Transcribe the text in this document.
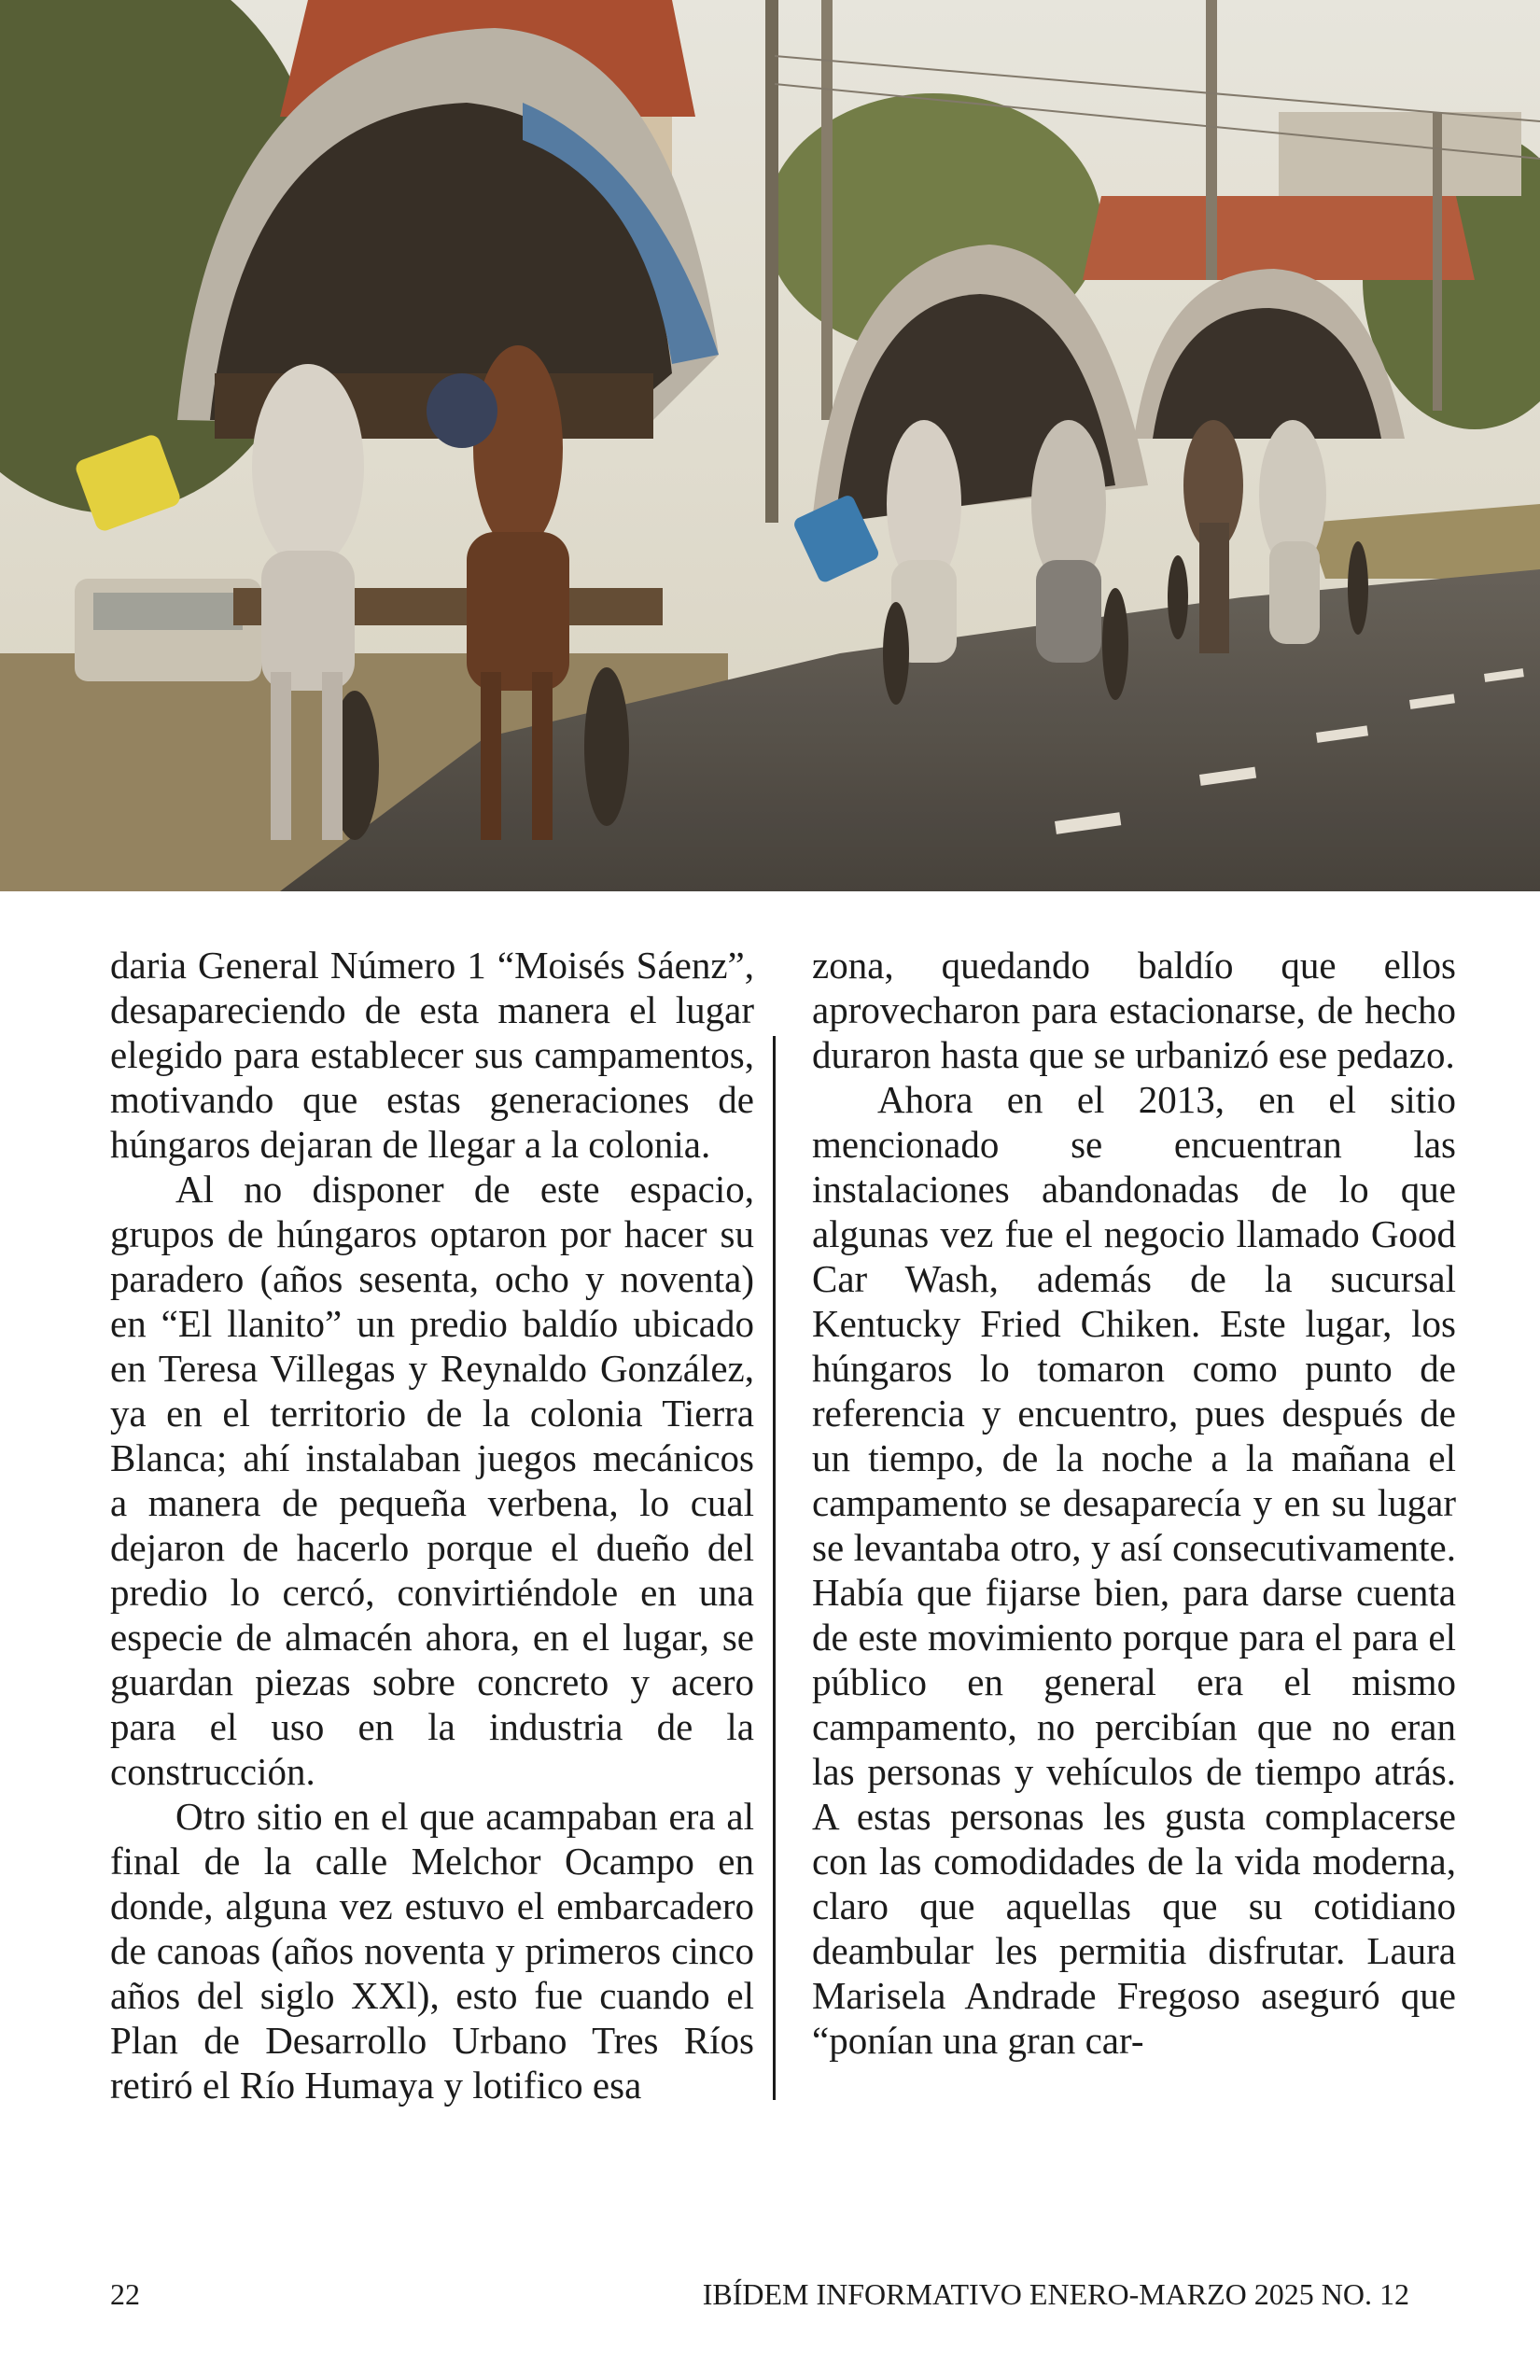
daria General Número 1 “Moisés Sáenz”, desapareciendo de esta manera el lugar elegido para establecer sus campamentos, motivando que estas generaciones de húngaros dejaran de llegar a la colonia.

Al no disponer de este espacio, grupos de húngaros optaron por hacer su paradero (años sesenta, ocho y noventa) en “El llanito” un predio baldío ubicado en Teresa Villegas y Reynaldo González, ya en el territorio de la colonia Tierra Blanca; ahí instalaban juegos mecánicos a manera de pequeña verbena, lo cual dejaron de hacerlo porque el dueño del predio lo cercó, convirtiéndole en una especie de almacén ahora, en el lugar, se guardan piezas sobre concreto y acero para el uso en la industria de la construcción.

Otro sitio en el que acampaban era al final de la calle Melchor Ocampo en donde, alguna vez estuvo el embarcadero de canoas (años noventa y primeros cinco años del siglo XXl), esto fue cuando el Plan de Desarrollo Urbano Tres Ríos retiró el Río Humaya y lotifico esa

zona, quedando baldío que ellos aprovecharon para estacionarse, de hecho duraron hasta que se urbanizó ese pedazo.

Ahora en el 2013, en el sitio mencionado se encuentran las instalaciones abandonadas de lo que algunas vez fue el negocio llamado Good Car Wash, además de la sucursal Kentucky Fried Chiken. Este lugar, los húngaros lo tomaron como punto de referencia y encuentro, pues después de un tiempo, de la noche a la mañana el campamento se desaparecía y en su lugar se levantaba otro, y así consecutivamente. Había que fijarse bien, para darse cuenta de este movimiento porque para el para el público en general era el mismo campamento, no percibían que no eran las personas y vehículos de tiempo atrás. A estas personas les gusta complacerse con las comodidades de la vida moderna, claro que aquellas que su cotidiano deambular les permitia disfrutar. Laura Marisela Andrade Fregoso aseguró que “ponían una gran car-

22	IBÍDEM INFORMATIVO ENERO-MARZO 2025 NO. 12
